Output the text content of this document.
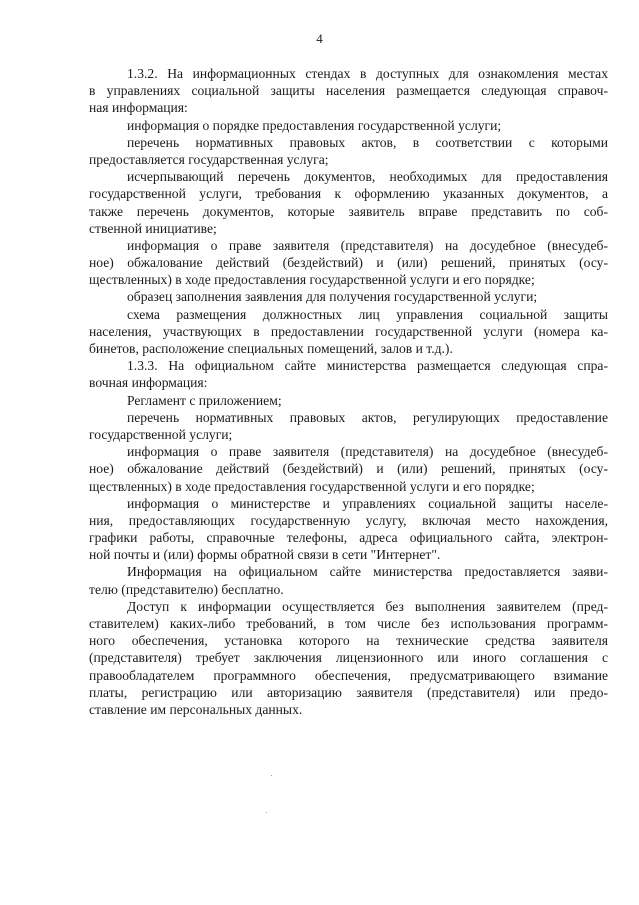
4
1.3.2. На информационных стендах в доступных для ознакомления местах
в управлениях социальной защиты населения размещается следующая справоч-
ная информация:
информация о порядке предоставления государственной услуги;
перечень нормативных правовых актов, в соответствии с которыми
предоставляется государственная услуга;
исчерпывающий перечень документов, необходимых для предоставления
государственной услуги, требования к оформлению указанных документов, а
также перечень документов, которые заявитель вправе представить по соб-
ственной инициативе;
информация о праве заявителя (представителя) на досудебное (внесудеб-
ное) обжалование действий (бездействий) и (или) решений, принятых (осу-
ществленных) в ходе предоставления государственной услуги и его порядке;
образец заполнения заявления для получения государственной услуги;
схема размещения должностных лиц управления социальной защиты
населения, участвующих в предоставлении государственной услуги (номера ка-
бинетов, расположение специальных помещений, залов и т.д.).
1.3.3. На официальном сайте министерства размещается следующая спра-
вочная информация:
Регламент с приложением;
перечень нормативных правовых актов, регулирующих предоставление
государственной услуги;
информация о праве заявителя (представителя) на досудебное (внесудеб-
ное) обжалование действий (бездействий) и (или) решений, принятых (осу-
ществленных) в ходе предоставления государственной услуги и его порядке;
информация о министерстве и управлениях социальной защиты населе-
ния, предоставляющих государственную услугу, включая место нахождения,
графики работы, справочные телефоны, адреса официального сайта, электрон-
ной почты и (или) формы обратной связи в сети "Интернет".
Информация на официальном сайте министерства предоставляется заяви-
телю (представителю) бесплатно.
Доступ к информации осуществляется без выполнения заявителем (пред-
ставителем) каких-либо требований, в том числе без использования программ-
ного обеспечения, установка которого на технические средства заявителя
(представителя) требует заключения лицензионного или иного соглашения с
правообладателем программного обеспечения, предусматривающего взимание
платы, регистрацию или авторизацию заявителя (представителя) или предо-
ставление им персональных данных.
